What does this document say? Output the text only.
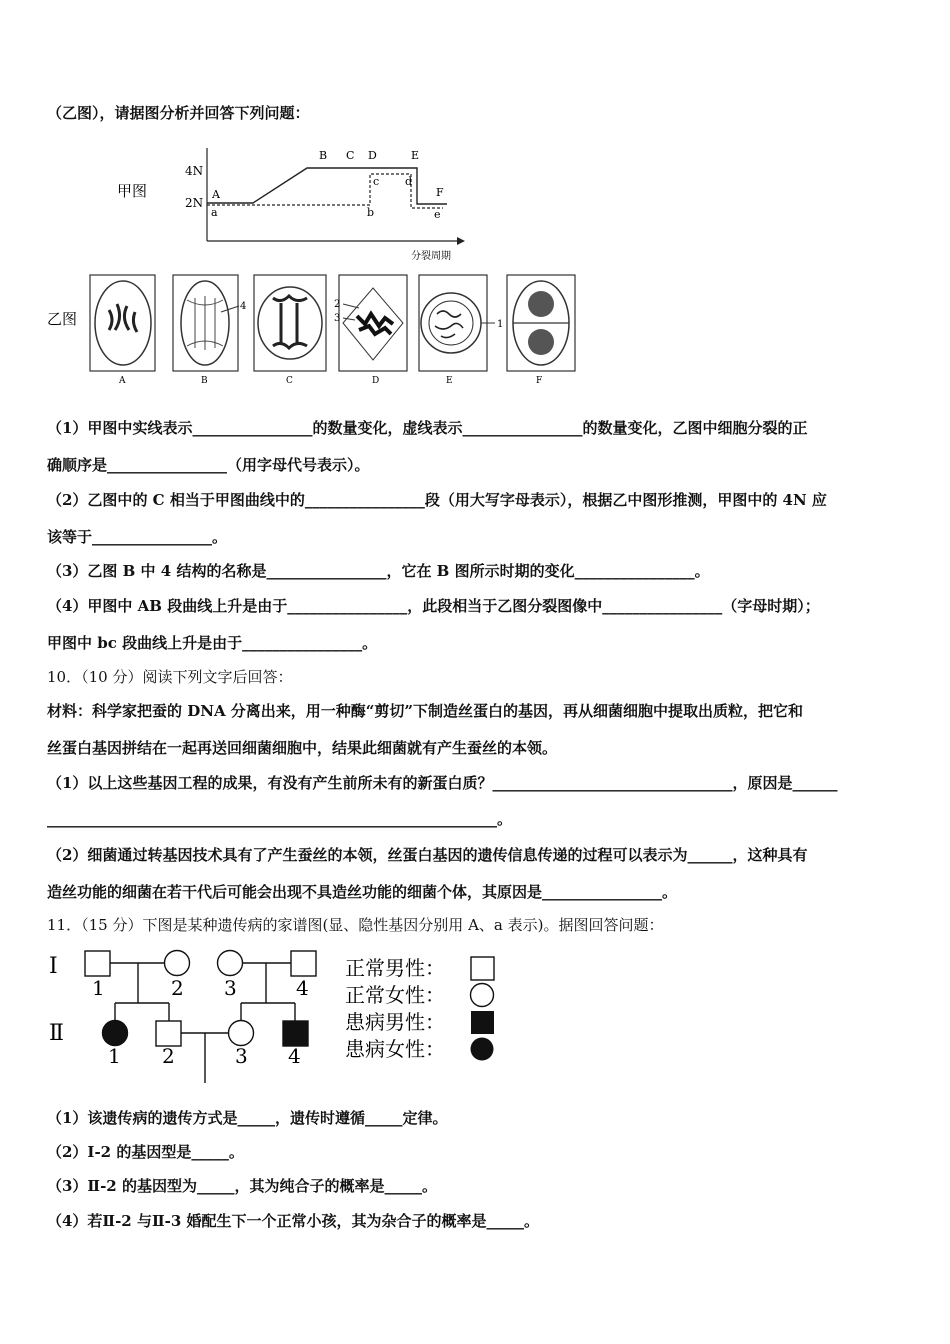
（乙图），请据图分析并回答下列问题：
甲图
4N
2N
分裂周期
A
B C D	E
F
a	b
c d
e
乙图
A
4
B	C
2
3
D
1
E	F
（1）甲图中实线表示________________的数量变化，虚线表示________________的数量变化，乙图中细胞分裂的正
确顺序是________________（用字母代号表示）。
（2）乙图中的 C 相当于甲图曲线中的________________段（用大写字母表示），根据乙中图形推测，甲图中的 4N 应
该等于________________。
（3）乙图 B 中 4 结构的名称是________________，它在 B 图所示时期的变化________________。
（4）甲图中 AB 段曲线上升是由于________________，此段相当于乙图分裂图像中________________（字母时期）；
甲图中 bc 段曲线上升是由于________________。
10．（10 分）阅读下列文字后回答：
材料：科学家把蚕的 DNA 分离出来，用一种酶“剪切”下制造丝蛋白的基因，再从细菌细胞中提取出质粒，把它和
丝蛋白基因拼结在一起再送回细菌细胞中，结果此细菌就有产生蚕丝的本领。
（1）以上这些基因工程的成果，有没有产生前所未有的新蛋白质？________________________________，原因是______
____________________________________________________________。
（2）细菌通过转基因技术具有了产生蚕丝的本领，丝蛋白基因的遗传信息传递的过程可以表示为______，这种具有
造丝功能的细菌在若干代后可能会出现不具造丝功能的细菌个体，其原因是________________。
11．（15 分）下图是某种遗传病的家谱图(显、隐性基因分别用 A、a 表示)。据图回答问题：
Ⅰ
Ⅱ
1	2 3	4
1 2	3 4
正常男性：
正常女性：
患病男性：
患病女性：
（1）该遗传病的遗传方式是_____，遗传时遵循_____定律。
（2）Ⅰ-2 的基因型是_____。
（3）Ⅱ-2 的基因型为_____，其为纯合子的概率是_____。
（4）若Ⅱ-2 与Ⅱ-3 婚配生下一个正常小孩，其为杂合子的概率是_____。
